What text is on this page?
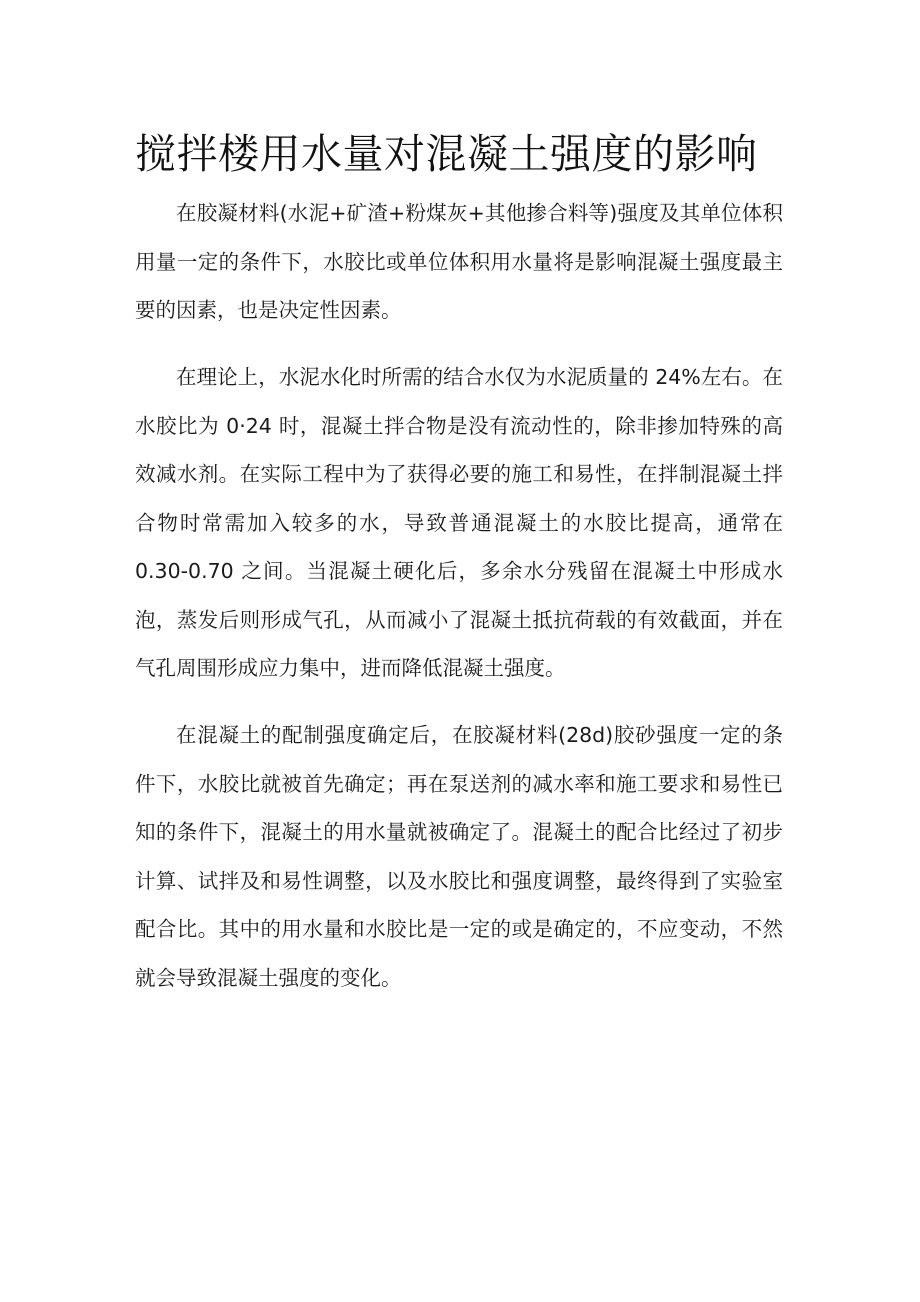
搅拌楼用水量对混凝土强度的影响

在胶凝材料(水泥+矿渣+粉煤灰+其他掺合料等)强度及其单位体积用量一定的条件下，水胶比或单位体积用水量将是影响混凝土强度最主要的因素，也是决定性因素。

在理论上，水泥水化时所需的结合水仅为水泥质量的 24%左右。在水胶比为 0·24 时，混凝土拌合物是没有流动性的，除非掺加特殊的高效减水剂。在实际工程中为了获得必要的施工和易性，在拌制混凝土拌合物时常需加入较多的水，导致普通混凝土的水胶比提高，通常在 0.30-0.70 之间。当混凝土硬化后，多余水分残留在混凝土中形成水泡，蒸发后则形成气孔，从而减小了混凝土抵抗荷载的有效截面，并在气孔周围形成应力集中，进而降低混凝土强度。

在混凝土的配制强度确定后，在胶凝材料(28d)胶砂强度一定的条件下，水胶比就被首先确定；再在泵送剂的减水率和施工要求和易性已知的条件下，混凝土的用水量就被确定了。混凝土的配合比经过了初步计算、试拌及和易性调整，以及水胶比和强度调整，最终得到了实验室配合比。其中的用水量和水胶比是一定的或是确定的，不应变动，不然就会导致混凝土强度的变化。
